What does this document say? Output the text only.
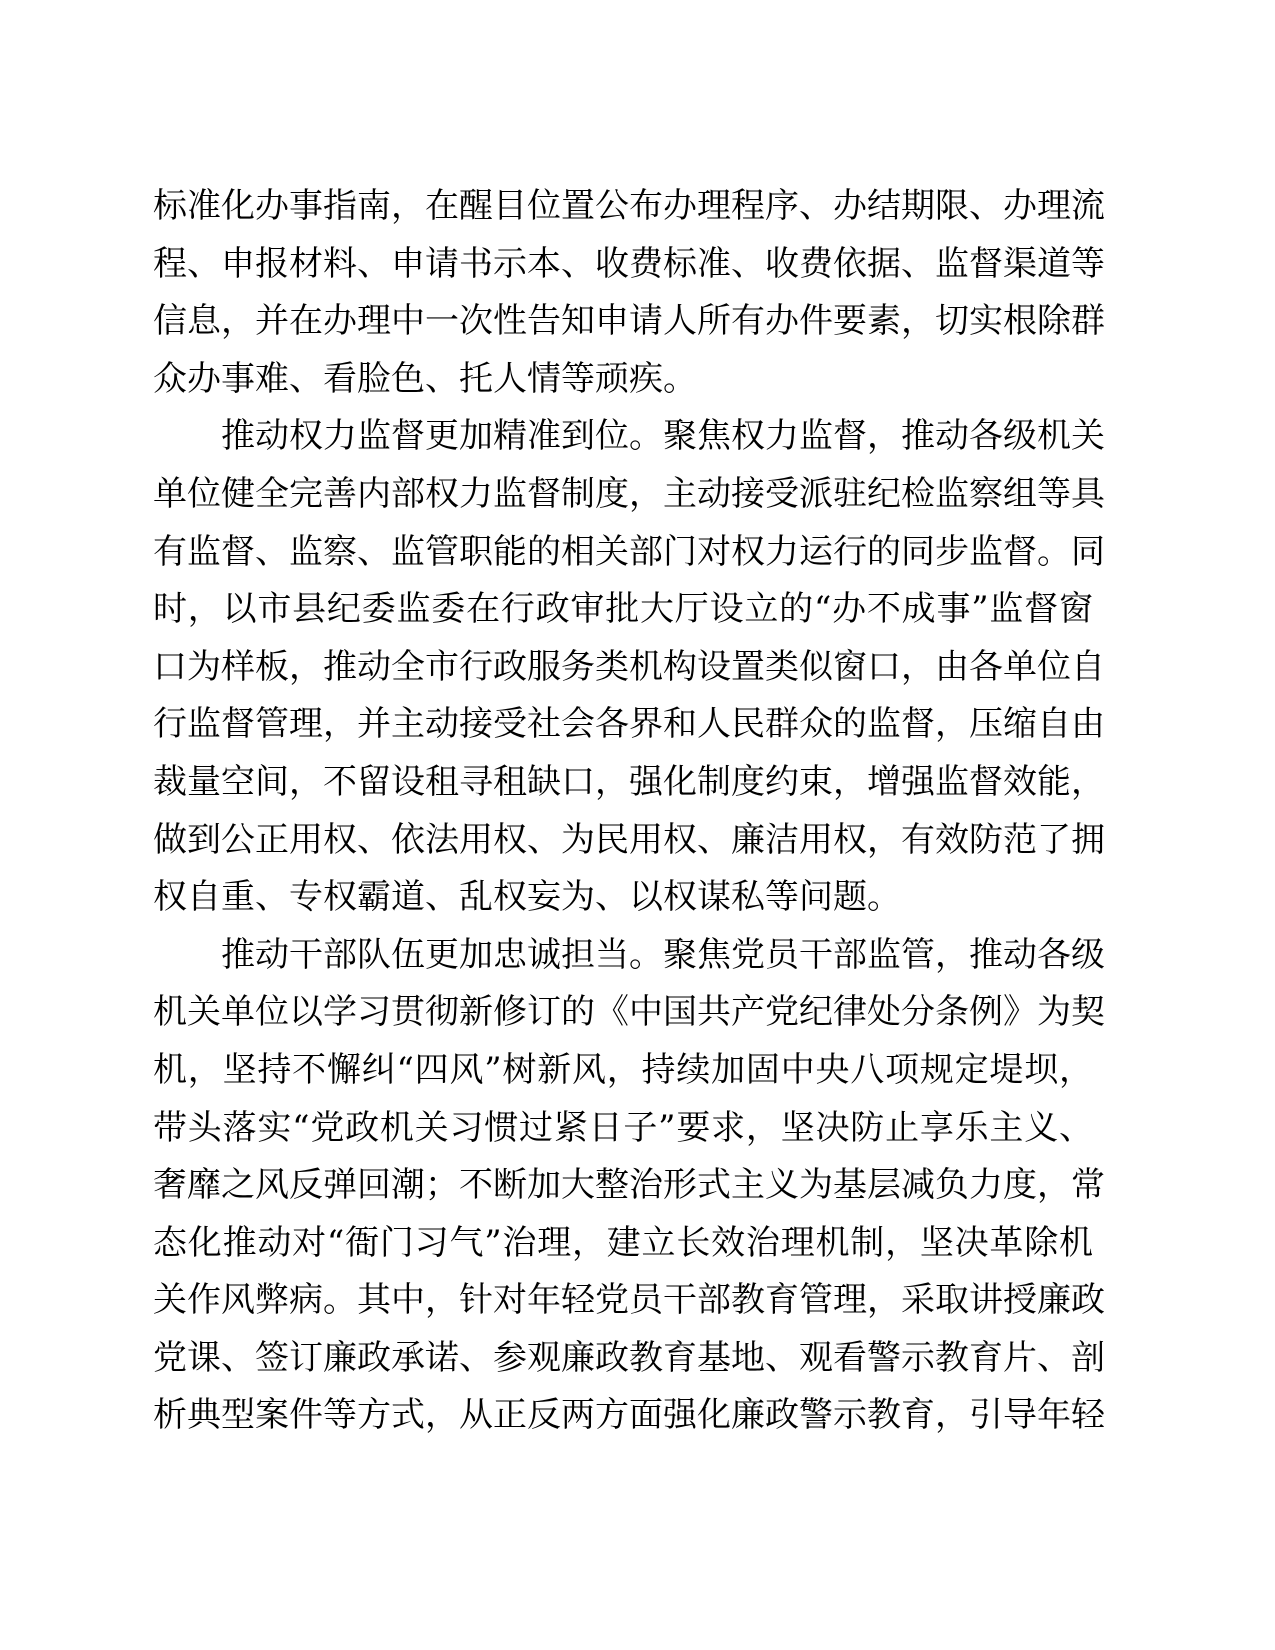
标准化办事指南，在醒目位置公布办理程序、办结期限、办理流
程、申报材料、申请书示本、收费标准、收费依据、监督渠道等
信息，并在办理中一次性告知申请人所有办件要素，切实根除群
众办事难、看脸色、托人情等顽疾。
推动权力监督更加精准到位。聚焦权力监督，推动各级机关
单位健全完善内部权力监督制度，主动接受派驻纪检监察组等具
有监督、监察、监管职能的相关部门对权力运行的同步监督。同
时，以市县纪委监委在行政审批大厅设立的“办不成事”监督窗
口为样板，推动全市行政服务类机构设置类似窗口，由各单位自
行监督管理，并主动接受社会各界和人民群众的监督，压缩自由
裁量空间，不留设租寻租缺口，强化制度约束，增强监督效能，
做到公正用权、依法用权、为民用权、廉洁用权，有效防范了拥
权自重、专权霸道、乱权妄为、以权谋私等问题。
推动干部队伍更加忠诚担当。聚焦党员干部监管，推动各级
机关单位以学习贯彻新修订的《中国共产党纪律处分条例》为契
机，坚持不懈纠“四风”树新风，持续加固中央八项规定堤坝，
带头落实“党政机关习惯过紧日子”要求，坚决防止享乐主义、
奢靡之风反弹回潮；不断加大整治形式主义为基层减负力度，常
态化推动对“衙门习气”治理，建立长效治理机制，坚决革除机
关作风弊病。其中，针对年轻党员干部教育管理，采取讲授廉政
党课、签订廉政承诺、参观廉政教育基地、观看警示教育片、剖
析典型案件等方式，从正反两方面强化廉政警示教育，引导年轻
